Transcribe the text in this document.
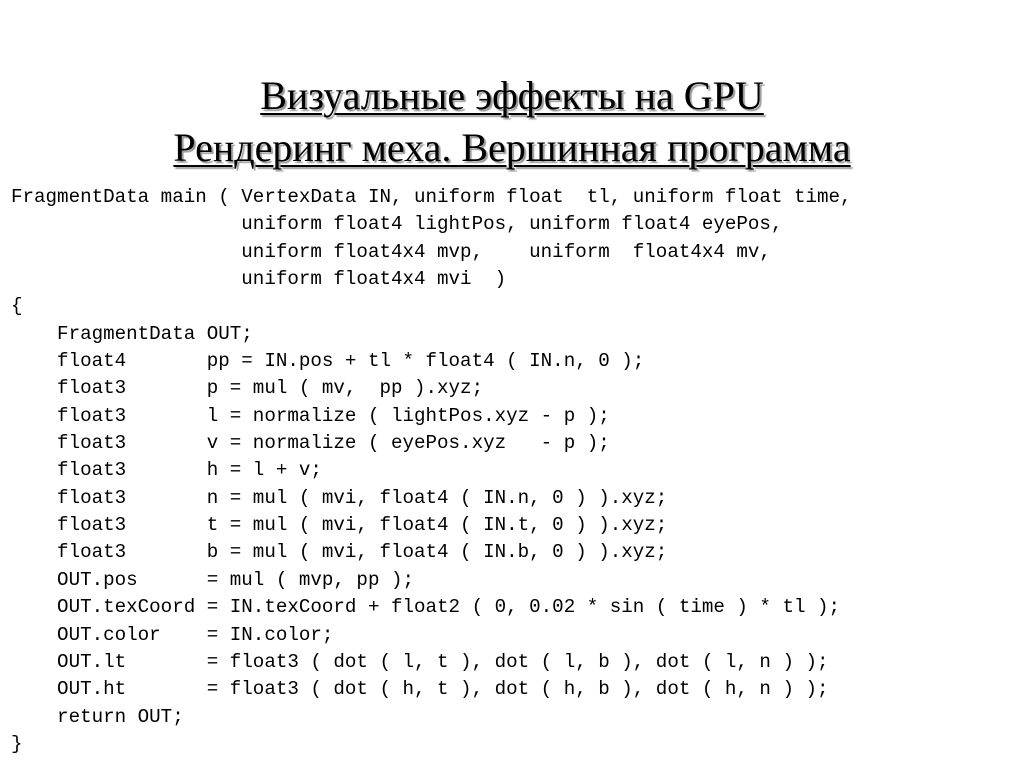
Визуальные эффекты на GPU
Рендеринг меха. Вершинная программа
FragmentData main ( VertexData IN, uniform float  tl, uniform float time,
uniform float4 lightPos, uniform float4 eyePos,
uniform float4x4 mvp,    uniform  float4x4 mv,
uniform float4x4 mvi  )
{
FragmentData OUT;
float4       pp = IN.pos + tl * float4 ( IN.n, 0 );
float3       p = mul ( mv,  pp ).xyz;
float3       l = normalize ( lightPos.xyz - p );
float3       v = normalize ( eyePos.xyz   - p );
float3       h = l + v;
float3       n = mul ( mvi, float4 ( IN.n, 0 ) ).xyz;
float3       t = mul ( mvi, float4 ( IN.t, 0 ) ).xyz;
float3       b = mul ( mvi, float4 ( IN.b, 0 ) ).xyz;
OUT.pos      = mul ( mvp, pp );
OUT.texCoord = IN.texCoord + float2 ( 0, 0.02 * sin ( time ) * tl );
OUT.color    = IN.color;
OUT.lt       = float3 ( dot ( l, t ), dot ( l, b ), dot ( l, n ) );
OUT.ht       = float3 ( dot ( h, t ), dot ( h, b ), dot ( h, n ) );
return OUT;
}
